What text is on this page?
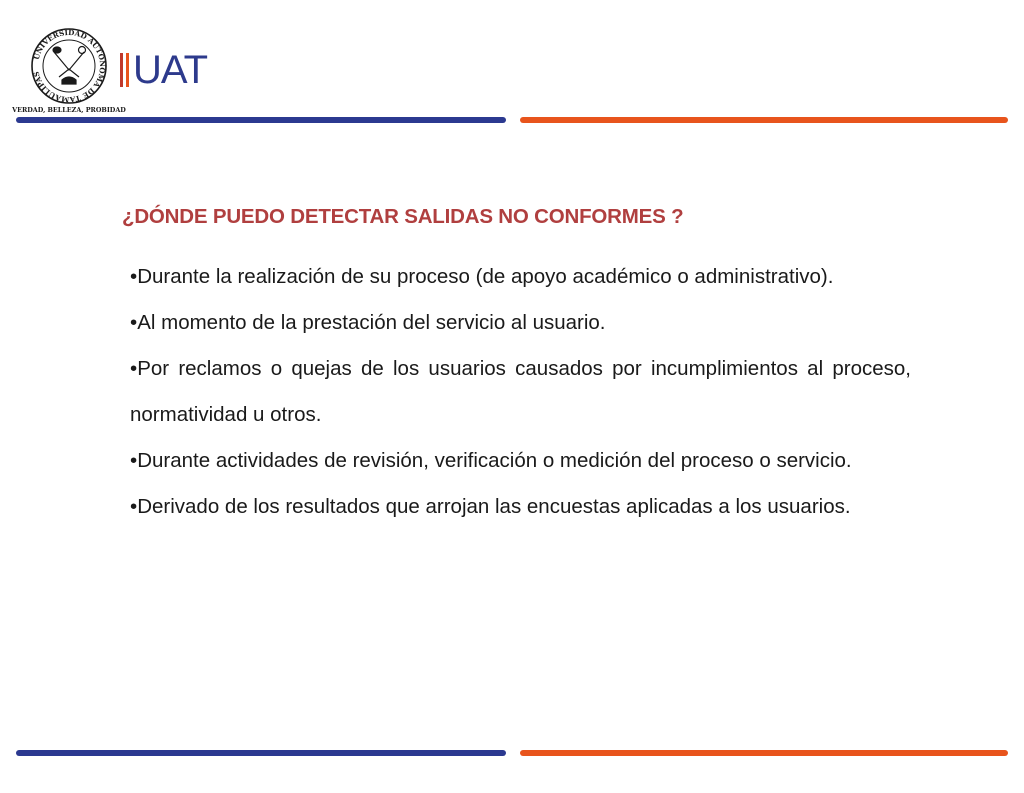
UNIVERSIDAD AUTONOMA DE TAMAULIPAS
VERDAD, BELLEZA, PROBIDAD
UAT
¿DÓNDE PUEDO DETECTAR SALIDAS NO CONFORMES ?
• Durante la realización de su proceso (de apoyo académico o administrativo).
• Al momento de la prestación del servicio al usuario.
• Por reclamos o quejas de los usuarios causados por incumplimientos al proceso, normatividad u otros.
• Durante actividades de revisión, verificación o medición del proceso o servicio.
• Derivado de los resultados que arrojan las encuestas aplicadas a los usuarios.
